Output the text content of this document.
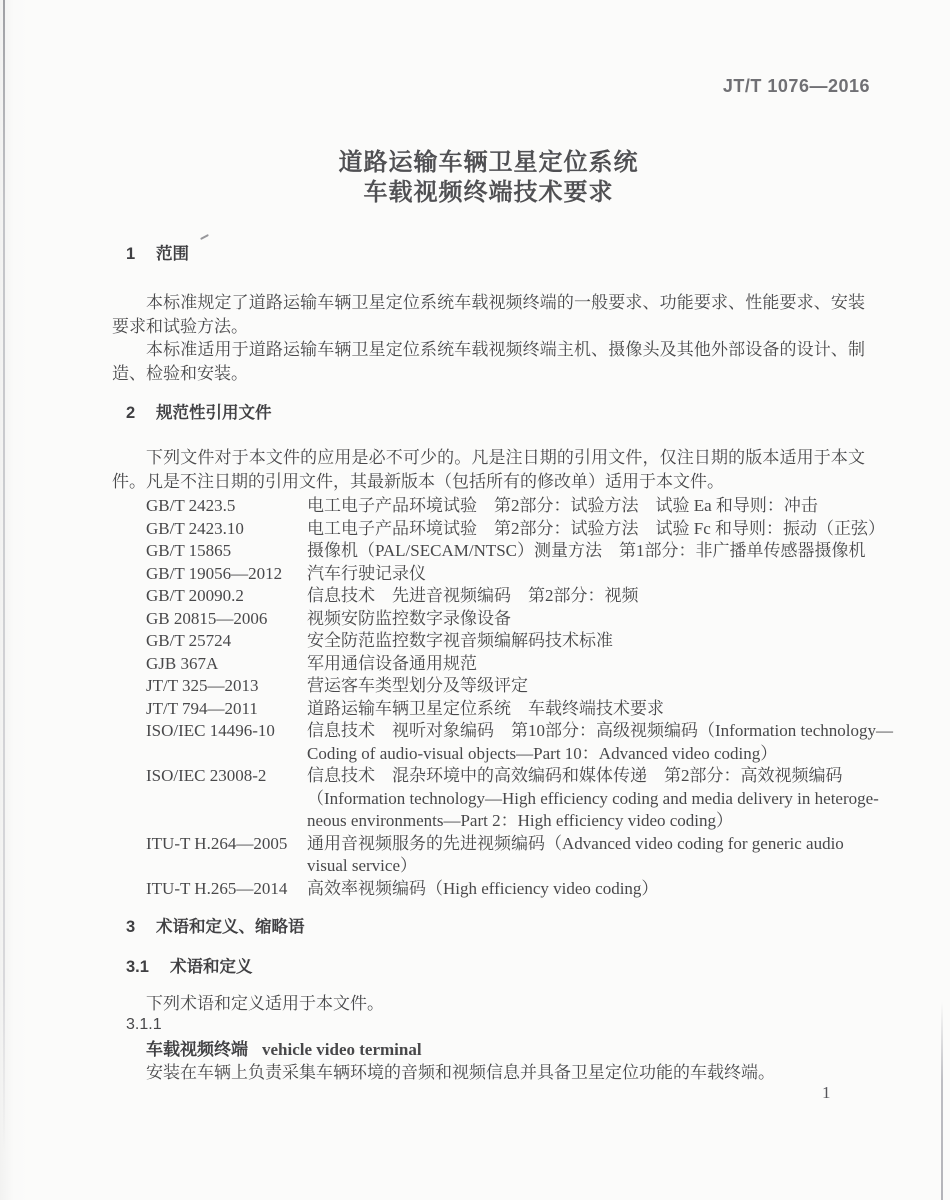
JT/T 1076—2016
道路运输车辆卫星定位系统
车载视频终端技术要求
1 范围

本标准规定了道路运输车辆卫星定位系统车载视频终端的一般要求、功能要求、性能要求、安装要求和试验方法。

本标准适用于道路运输车辆卫星定位系统车载视频终端主机、摄像头及其他外部设备的设计、制造、检验和安装。

2 规范性引用文件

下列文件对于本文件的应用是必不可少的。凡是注日期的引用文件，仅注日期的版本适用于本文件。凡是不注日期的引用文件，其最新版本（包括所有的修改单）适用于本文件。

GB/T 2423.5	电工电子产品环境试验　第2部分：试验方法　试验 Ea 和导则：冲击
GB/T 2423.10	电工电子产品环境试验　第2部分：试验方法　试验 Fc 和导则：振动（正弦）
GB/T 15865	摄像机（PAL/SECAM/NTSC）测量方法　第1部分：非广播单传感器摄像机
GB/T 19056—2012	汽车行驶记录仪
GB/T 20090.2	信息技术　先进音视频编码　第2部分：视频
GB 20815—2006	视频安防监控数字录像设备
GB/T 25724	安全防范监控数字视音频编解码技术标准
GJB 367A	军用通信设备通用规范
JT/T 325—2013	营运客车类型划分及等级评定
JT/T 794—2011	道路运输车辆卫星定位系统　车载终端技术要求
ISO/IEC 14496-10	信息技术　视听对象编码　第10部分：高级视频编码（Information technology—
Coding of audio-visual objects—Part 10：Advanced video coding）
ISO/IEC 23008-2	信息技术　混杂环境中的高效编码和媒体传递　第2部分：高效视频编码
（Information technology—High efficiency coding and media delivery in heteroge-
neous environments—Part 2：High efficiency video coding）
ITU-T H.264—2005	通用音视频服务的先进视频编码（Advanced video coding for generic audio
visual service）
ITU-T H.265—2014	高效率视频编码（High efficiency video coding）
3 术语和定义、缩略语
3.1 术语和定义
下列术语和定义适用于本文件。
3.1.1
车载视频终端 vehicle video terminal
安装在车辆上负责采集车辆环境的音频和视频信息并具备卫星定位功能的车载终端。
1
